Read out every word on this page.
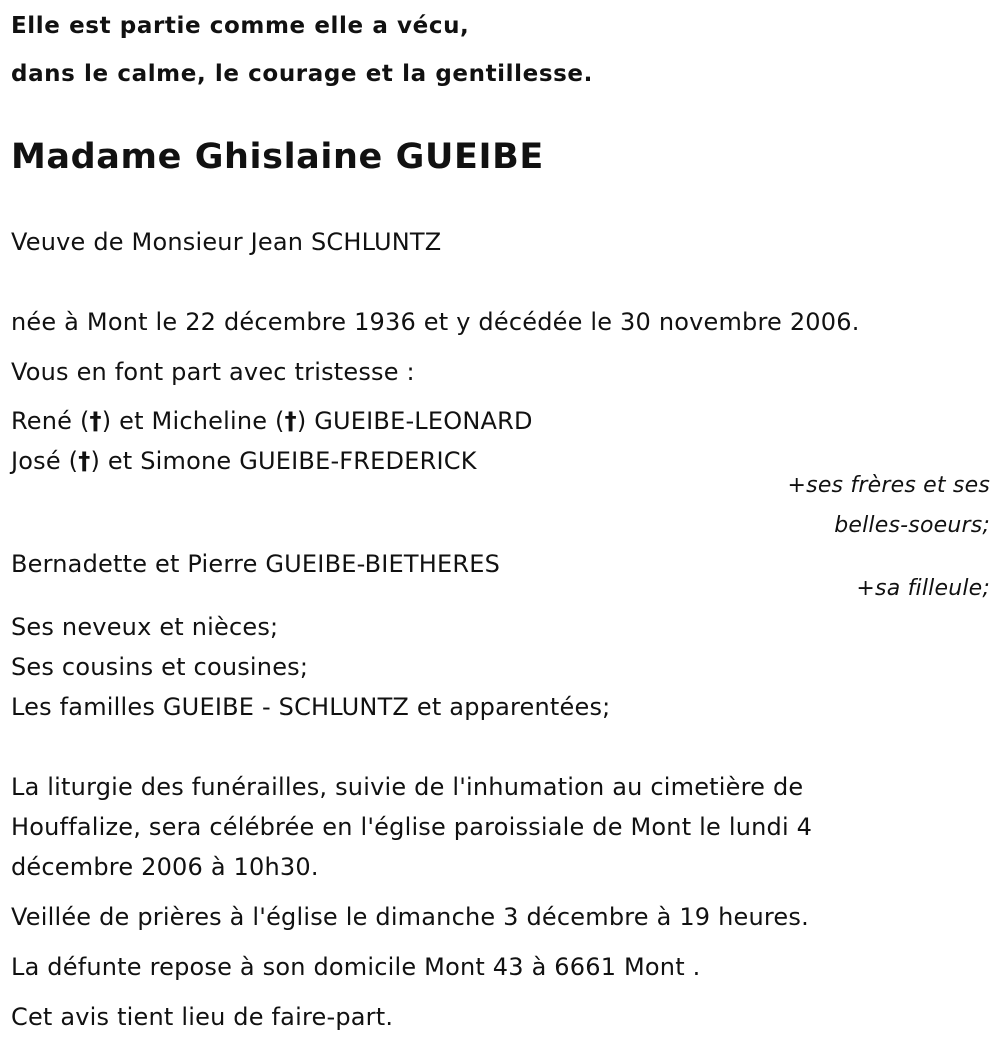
Elle est partie comme elle a vécu,
dans le calme, le courage et la gentillesse.
Madame Ghislaine GUEIBE
Veuve de Monsieur Jean SCHLUNTZ
née à Mont le 22 décembre 1936 et y décédée le 30 novembre 2006.
Vous en font part avec tristesse :
René (†) et Micheline (†) GUEIBE-LEONARD
José (†) et Simone GUEIBE-FREDERICK
+ses frères et ses
belles-soeurs;
Bernadette et Pierre GUEIBE-BIETHERES
+sa filleule;
Ses neveux et nièces;
Ses cousins et cousines;
Les familles GUEIBE - SCHLUNTZ et apparentées;
La liturgie des funérailles, suivie de l'inhumation au cimetière de
Houffalize, sera célébrée en l'église paroissiale de Mont le lundi 4
décembre 2006 à 10h30.
Veillée de prières à l'église le dimanche 3 décembre à 19 heures.
La défunte repose à son domicile Mont 43 à 6661 Mont .
Cet avis tient lieu de faire-part.
